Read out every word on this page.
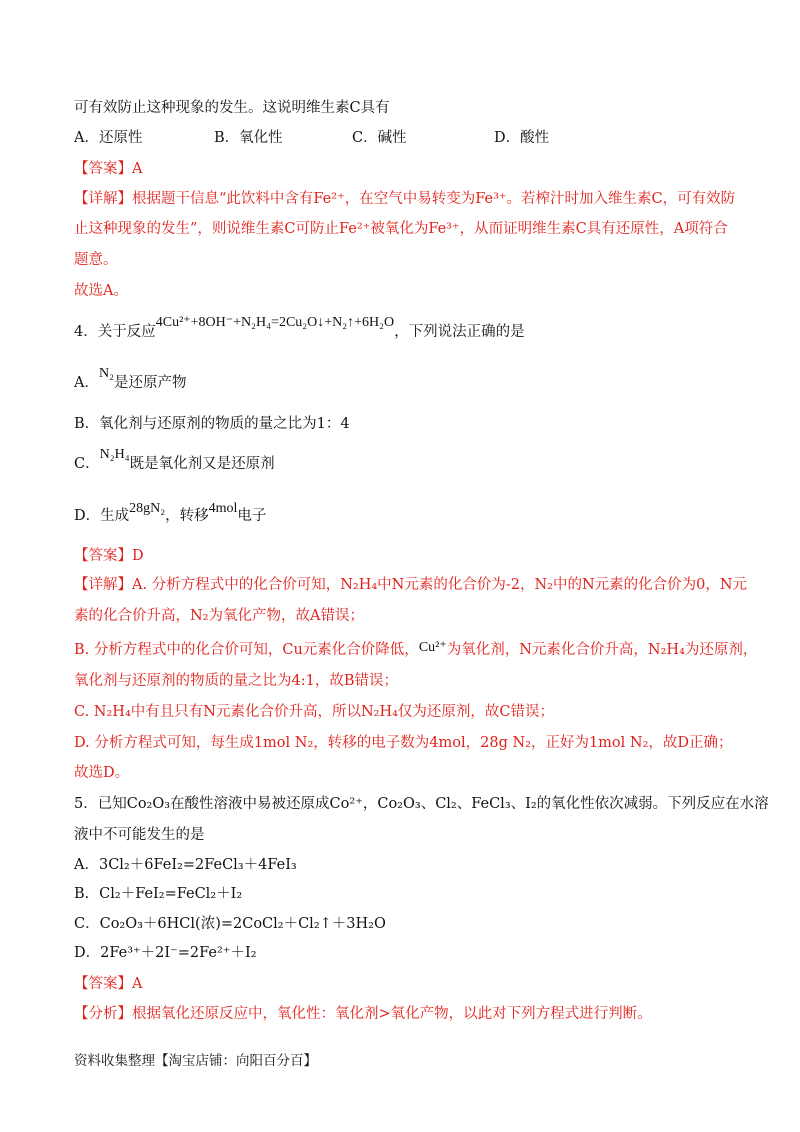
可有效防止这种现象的发生。这说明维生素C具有
A．还原性	B．氧化性	C．碱性	D．酸性
【答案】A
【详解】根据题干信息“此饮料中含有Fe²⁺，在空气中易转变为Fe³⁺。若榨汁时加入维生素C，可有效防
止这种现象的发生”，则说维生素C可防止Fe²⁺被氧化为Fe³⁺，从而证明维生素C具有还原性，A项符合
题意。
故选A。
4．关于反应4Cu²⁺+8OH⁻+N₂H₄=2Cu₂O↓+N₂↑+6H₂O，下列说法正确的是
A．N₂是还原产物
B．氧化剂与还原剂的物质的量之比为1：4
C．N₂H₄既是氧化剂又是还原剂
D．生成28gN₂，转移4mol电子
【答案】D
【详解】A. 分析方程式中的化合价可知，N₂H₄中N元素的化合价为-2，N₂中的N元素的化合价为0，N元
素的化合价升高，N₂为氧化产物，故A错误；
B. 分析方程式中的化合价可知，Cu元素化合价降低，Cu²⁺为氧化剂，N元素化合价升高，N₂H₄为还原剂，
氧化剂与还原剂的物质的量之比为4:1，故B错误；
C. N₂H₄中有且只有N元素化合价升高，所以N₂H₄仅为还原剂，故C错误；
D. 分析方程式可知，每生成1mol N₂，转移的电子数为4mol，28g N₂，正好为1mol N₂，故D正确；
故选D。
5．已知Co₂O₃在酸性溶液中易被还原成Co²⁺，Co₂O₃、Cl₂、FeCl₃、I₂的氧化性依次减弱。下列反应在水溶
液中不可能发生的是
A．3Cl₂＋6FeI₂=2FeCl₃＋4FeI₃
B．Cl₂＋FeI₂=FeCl₂＋I₂
C．Co₂O₃＋6HCl(浓)=2CoCl₂＋Cl₂↑＋3H₂O
D．2Fe³⁺＋2I⁻=2Fe²⁺＋I₂
【答案】A
【分析】根据氧化还原反应中，氧化性：氧化剂>氧化产物，以此对下列方程式进行判断。
资料收集整理【淘宝店铺：向阳百分百】
